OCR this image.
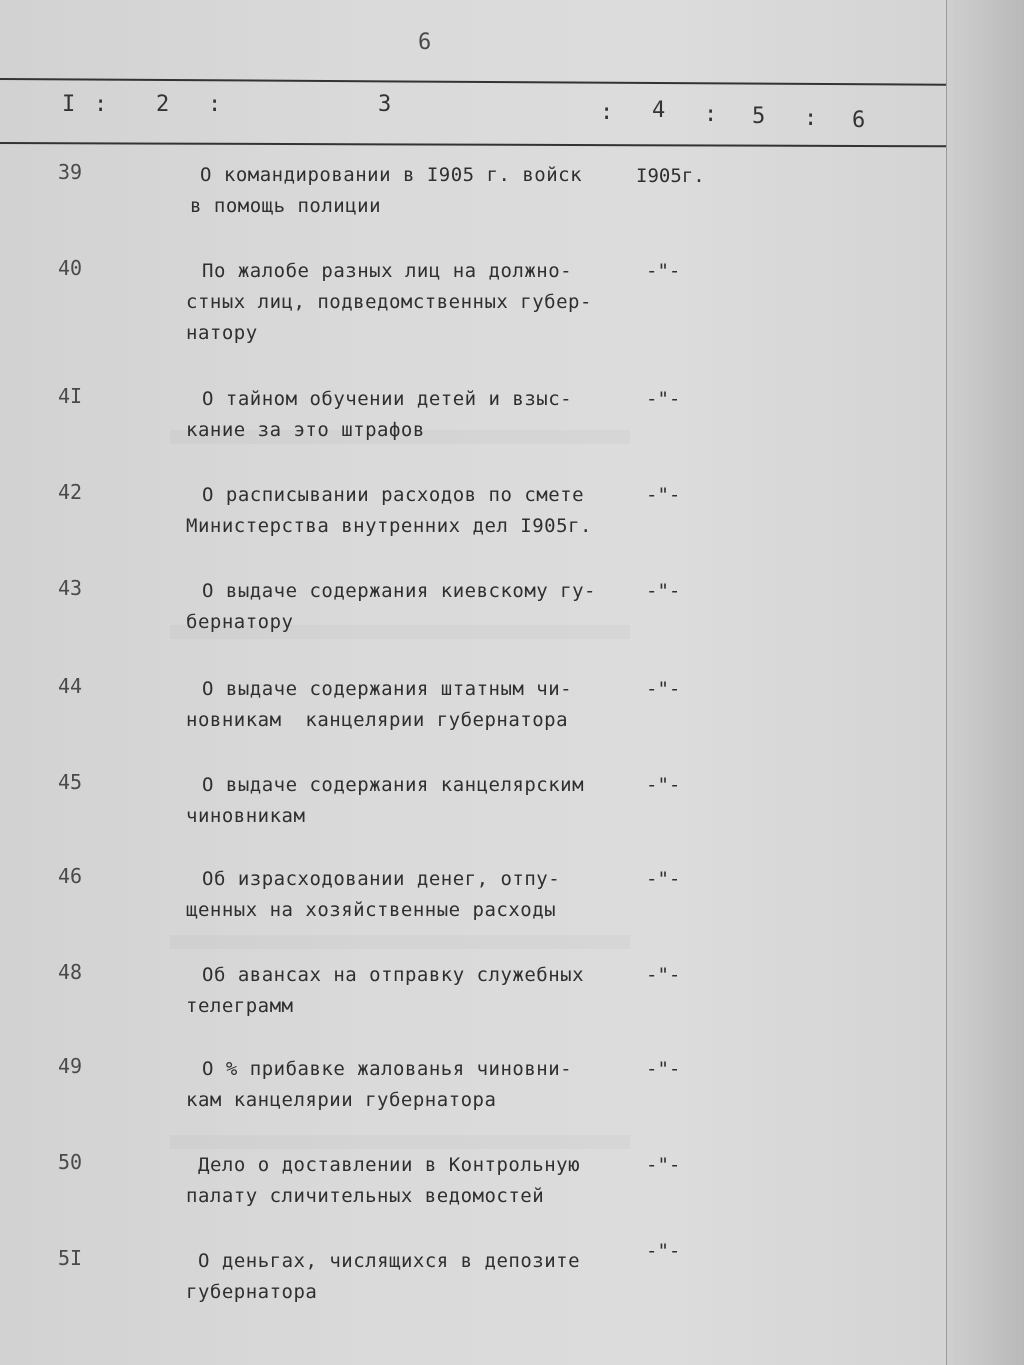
6
I : 2 :	3	: 4 : 5 : 6
39	О командировании в I905 г. войск
в помощь полиции
I905г.
40	По жалобе разных лиц на должно-
стных лиц, подведомственных губер-
натору
-"-
4I	О тайном обучении детей и взыс-
кание за это штрафов
-"-
42	О расписывании расходов по смете
Министерства внутренних дел I905г.
-"-
43	О выдаче содержания киевскому гу-
бернатору
-"-
44	О выдаче содержания штатным чи-
новникам  канцелярии губернатора
-"-
45	О выдаче содержания канцелярским
чиновникам
-"-
46	Об израсходовании денег, отпу-
щенных на хозяйственные расходы
-"-
48	Об авансах на отправку служебных
телеграмм
-"-
49	О % прибавке жалованья чиновни-
кам канцелярии губернатора
-"-
50	Дело о доставлении в Контрольную
палату сличительных ведомостей
-"-
5I	О деньгах, числящихся в депозите
губернатора
-"-
